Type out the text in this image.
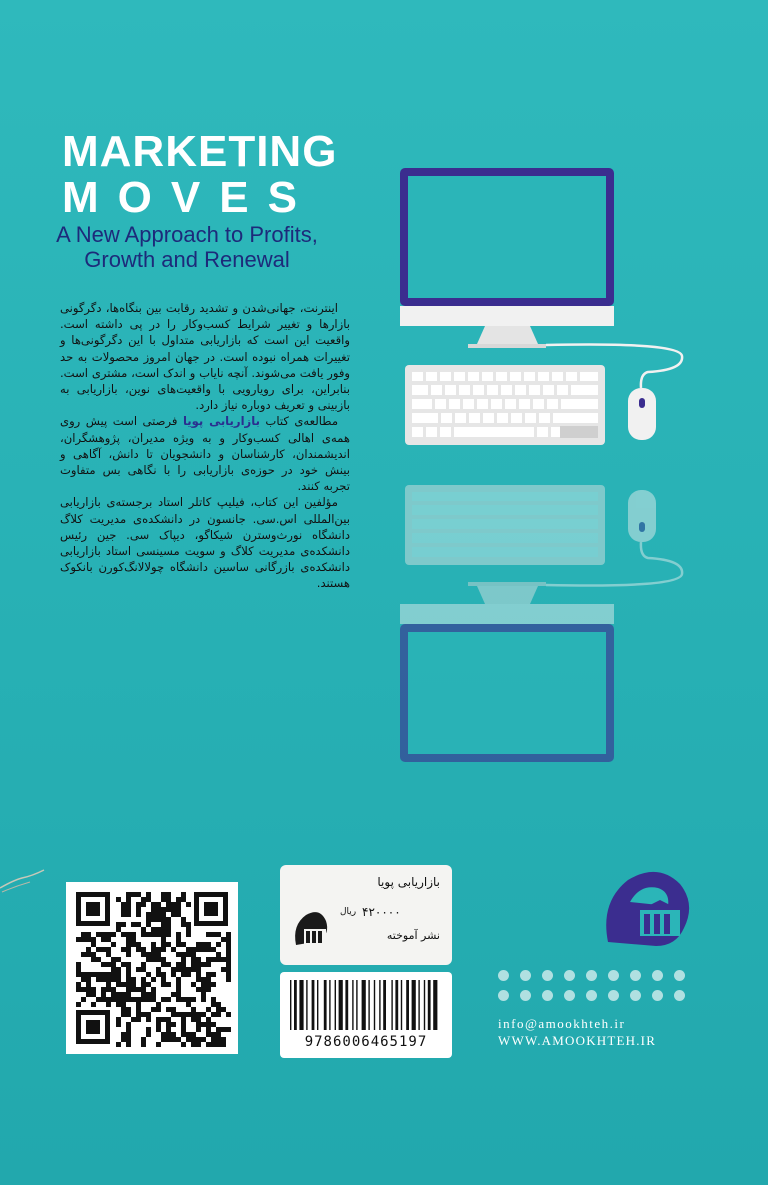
MARKETING
MOVES

A New Approach to Profits, Growth and Renewal

اینترنت، جهانی‌شدن و تشدید رقابت بین بنگاه‌ها، دگرگونی بازارها و تغییر شرایط کسب‌وکار را در پی داشته است. واقعیت این است که بازاریابی متداول با این دگرگونی‌ها و تغییرات همراه نبوده است. در جهان امروز محصولات به حد وفور یافت می‌شوند. آنچه نایاب و اندک است، مشتری است. بنابراین، برای رویارویی با واقعیت‌های نوین، بازاریابی به بازبینی و تعریف دوباره نیاز دارد.

مطالعه‌ی کتاب بازاریابی پویا فرصتی است پیش روی همه‌ی اهالی کسب‌وکار و به ویژه مدیران، پژوهشگران، اندیشمندان، کارشناسان و دانشجویان تا دانش، آگاهی و بینش خود در حوزه‌ی بازاریابی را با نگاهی بس متفاوت تجربه کنند.

مؤلفین این کتاب، فیلیپ کاتلر استاد برجسته‌ی بازاریابی بین‌المللی اس.سی. جانسون در دانشکده‌ی مدیریت کلاگ دانشگاه نورث‌وسترن شیکاگو، دیپاک سی. جین رئیس دانشکده‌ی مدیریت کلاگ و سویت مسینسی استاد بازاریابی دانشکده‌ی بازرگانی ساسین دانشگاه چولالانگ‌کورن بانکوک هستند.

بازاریابی پویا
۴۲۰۰۰۰
ریال
نشر آموخته
9786006465197
info@amookhteh.ir
WWW.AMOOKHTEH.IR
